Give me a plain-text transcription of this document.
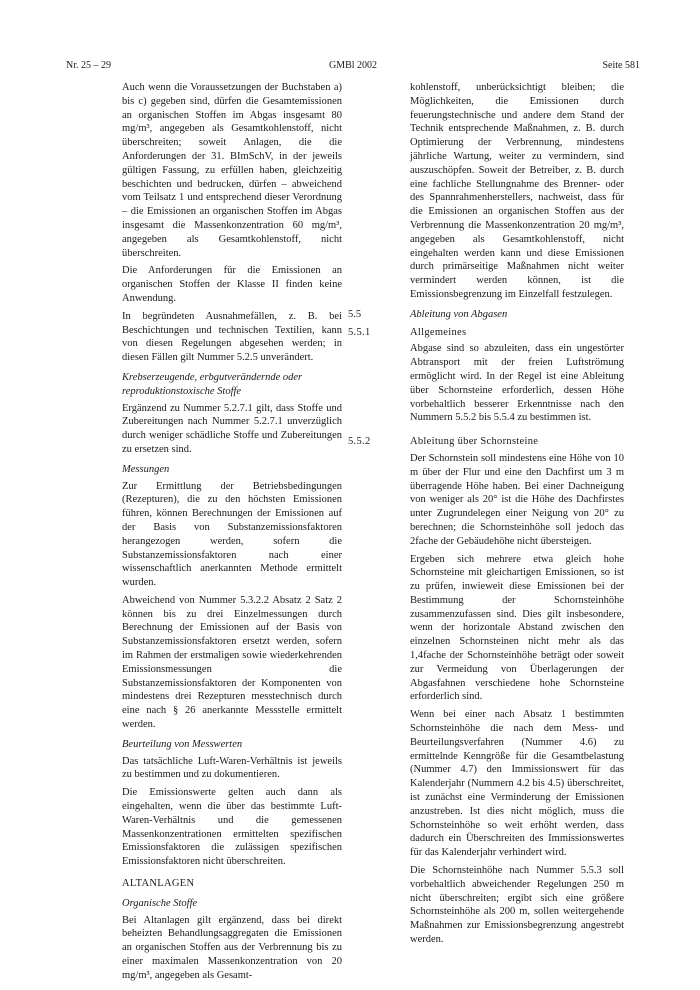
Nr. 25 – 29	GMBl 2002	Seite 581

Auch wenn die Voraussetzungen der Buchstaben a) bis c) gegeben sind, dürfen die Gesamtemissionen an organischen Stoffen im Abgas insgesamt 80 mg/m³, angegeben als Gesamtkohlenstoff, nicht überschreiten; soweit Anlagen, die die Anforderungen der 31. BImSchV, in der jeweils gültigen Fassung, zu erfüllen haben, gleichzeitig beschichten und bedrucken, dürfen – abweichend vom Teilsatz 1 und entsprechend dieser Verordnung – die Emissionen an organischen Stoffen im Abgas insgesamt die Massenkonzentration 60 mg/m³, angegeben als Gesamtkohlenstoff, nicht überschreiten.

Die Anforderungen für die Emissionen an organischen Stoffen der Klasse II finden keine Anwendung.

In begründeten Ausnahmefällen, z. B. bei Beschichtungen und technischen Textilien, kann von diesen Regelungen abgesehen werden; in diesen Fällen gilt Nummer 5.2.5 unverändert.

Krebserzeugende, erbgutverändernde oder reproduktionstoxische Stoffe

Ergänzend zu Nummer 5.2.7.1 gilt, dass Stoffe und Zubereitungen nach Nummer 5.2.7.1 unverzüglich durch weniger schädliche Stoffe und Zubereitungen zu ersetzen sind.

Messungen

Zur Ermittlung der Betriebsbedingungen (Rezepturen), die zu den höchsten Emissionen führen, können Berechnungen der Emissionen auf der Basis von Substanzemissionsfaktoren herangezogen werden, sofern die Substanzemissionsfaktoren nach einer wissenschaftlich anerkannten Methode ermittelt wurden.

Abweichend von Nummer 5.3.2.2 Absatz 2 Satz 2 können bis zu drei Einzelmessungen durch Berechnung der Emissionen auf der Basis von Substanzemissionsfaktoren ersetzt werden, sofern im Rahmen der erstmaligen sowie wiederkehrenden Emissionsmessungen die Substanzemissionsfaktoren der Komponenten von mindestens drei Rezepturen messtechnisch durch eine nach § 26 anerkannte Messstelle ermittelt werden.

Beurteilung von Messwerten

Das tatsächliche Luft-Waren-Verhältnis ist jeweils zu bestimmen und zu dokumentieren.

Die Emissionswerte gelten auch dann als eingehalten, wenn die über das bestimmte Luft-Waren-Verhältnis und die gemessenen Massenkonzentrationen ermittelten spezifischen Emissionsfaktoren die zulässigen spezifischen Emissionsfaktoren nicht überschreiten.

ALTANLAGEN

Organische Stoffe

Bei Altanlagen gilt ergänzend, dass bei direkt beheizten Behandlungsaggregaten die Emissionen an organischen Stoffen aus der Verbrennung bis zu einer maximalen Massenkonzentration von 20 mg/m³, angegeben als Gesamt-

kohlenstoff, unberücksichtigt bleiben; die Möglichkeiten, die Emissionen durch feuerungstechnische und andere dem Stand der Technik entsprechende Maßnahmen, z. B. durch Optimierung der Verbrennung, mindestens jährliche Wartung, weiter zu vermindern, sind auszuschöpfen. Soweit der Betreiber, z. B. durch eine fachliche Stellungnahme des Brenner- oder des Spannrahmenherstellers, nachweist, dass für die Emissionen an organischen Stoffen aus der Verbrennung die Massenkonzentration 20 mg/m³, angegeben als Gesamtkohlenstoff, nicht eingehalten werden kann und diese Emissionen durch primärseitige Maßnahmen nicht weiter vermindert werden können, ist die Emissionsbegrenzung im Einzelfall festzulegen.

5.5	Ableitung von Abgasen

5.5.1	Allgemeines

Abgase sind so abzuleiten, dass ein ungestörter Abtransport mit der freien Luftströmung ermöglicht wird. In der Regel ist eine Ableitung über Schornsteine erforderlich, dessen Höhe vorbehaltlich besserer Erkenntnisse nach den Nummern 5.5.2 bis 5.5.4 zu bestimmen ist.

5.5.2	Ableitung über Schornsteine

Der Schornstein soll mindestens eine Höhe von 10 m über der Flur und eine den Dachfirst um 3 m überragende Höhe haben. Bei einer Dachneigung von weniger als 20° ist die Höhe des Dachfirstes unter Zugrundelegen einer Neigung von 20° zu berechnen; die Schornsteinhöhe soll jedoch das 2fache der Gebäudehöhe nicht übersteigen.

Ergeben sich mehrere etwa gleich hohe Schornsteine mit gleichartigen Emissionen, so ist zu prüfen, inwieweit diese Emissionen bei der Bestimmung der Schornsteinhöhe zusammenzufassen sind. Dies gilt insbesondere, wenn der horizontale Abstand zwischen den einzelnen Schornsteinen nicht mehr als das 1,4fache der Schornsteinhöhe beträgt oder soweit zur Vermeidung von Überlagerungen der Abgasfahnen verschiedene hohe Schornsteine erforderlich sind.

Wenn bei einer nach Absatz 1 bestimmten Schornsteinhöhe die nach dem Mess- und Beurteilungsverfahren (Nummer 4.6) zu ermittelnde Kenngröße für die Gesamtbelastung (Nummer 4.7) den Immissionswert für das Kalenderjahr (Nummern 4.2 bis 4.5) überschreitet, ist zunächst eine Verminderung der Emissionen anzustreben. Ist dies nicht möglich, muss die Schornsteinhöhe so weit erhöht werden, dass dadurch ein Überschreiten des Immissionswertes für das Kalenderjahr verhindert wird.

Die Schornsteinhöhe nach Nummer 5.5.3 soll vorbehaltlich abweichender Regelungen 250 m nicht überschreiten; ergibt sich eine größere Schornsteinhöhe als 200 m, sollen weitergehende Maßnahmen zur Emissionsbegrenzung angestrebt werden.
